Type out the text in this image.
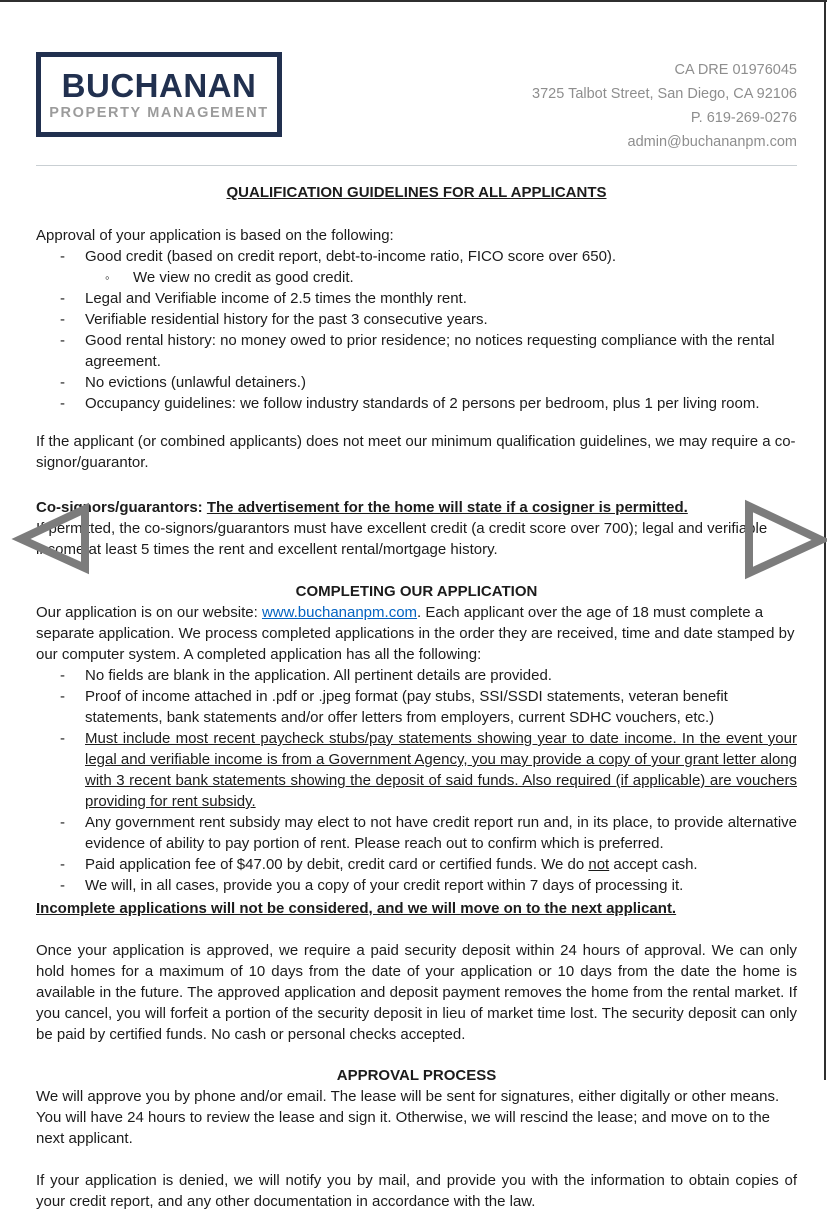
BUCHANAN
PROPERTY MANAGEMENT
CA DRE 01976045
3725 Talbot Street, San Diego, CA 92106
P. 619-269-0276
admin@buchananpm.com
QUALIFICATION GUIDELINES FOR ALL APPLICANTS

Approval of your application is based on the following:

- Good credit (based on credit report, debt-to-income ratio, FICO score over 650).
◦ We view no credit as good credit.
- Legal and Verifiable income of 2.5 times the monthly rent.
- Verifiable residential history for the past 3 consecutive years.
- Good rental history: no money owed to prior residence; no notices requesting compliance with the rental agreement.
- No evictions (unlawful detainers.)
- Occupancy guidelines: we follow industry standards of 2 persons per bedroom, plus 1 per living room.

If the applicant (or combined applicants) does not meet our minimum qualification guidelines, we may require a co-signor/guarantor.

Co-signors/guarantors: The advertisement for the home will state if a cosigner is permitted.
If permitted, the co-signors/guarantors must have excellent credit (a credit score over 700); legal and verifiable income at least 5 times the rent and excellent rental/mortgage history.

COMPLETING OUR APPLICATION

Our application is on our website: www.buchananpm.com. Each applicant over the age of 18 must complete a separate application. We process completed applications in the order they are received, time and date stamped by our computer system. A completed application has all the following:

- No fields are blank in the application. All pertinent details are provided.
- Proof of income attached in .pdf or .jpeg format (pay stubs, SSI/SSDI statements, veteran benefit statements, bank statements and/or offer letters from employers, current SDHC vouchers, etc.)
- Must include most recent paycheck stubs/pay statements showing year to date income. In the event your legal and verifiable income is from a Government Agency, you may provide a copy of your grant letter along with 3 recent bank statements showing the deposit of said funds. Also required (if applicable) are vouchers providing for rent subsidy.
- Any government rent subsidy may elect to not have credit report run and, in its place, to provide alternative evidence of ability to pay portion of rent. Please reach out to confirm which is preferred.
- Paid application fee of $47.00 by debit, credit card or certified funds. We do not accept cash.
- We will, in all cases, provide you a copy of your credit report within 7 days of processing it.

Incomplete applications will not be considered, and we will move on to the next applicant.

Once your application is approved, we require a paid security deposit within 24 hours of approval. We can only hold homes for a maximum of 10 days from the date of your application or 10 days from the date the home is available in the future. The approved application and deposit payment removes the home from the rental market. If you cancel, you will forfeit a portion of the security deposit in lieu of market time lost. The security deposit can only be paid by certified funds. No cash or personal checks accepted.

APPROVAL PROCESS

We will approve you by phone and/or email. The lease will be sent for signatures, either digitally or other means. You will have 24 hours to review the lease and sign it. Otherwise, we will rescind the lease; and move on to the next applicant.

If your application is denied, we will notify you by mail, and provide you with the information to obtain copies of your credit report, and any other documentation in accordance with the law.
